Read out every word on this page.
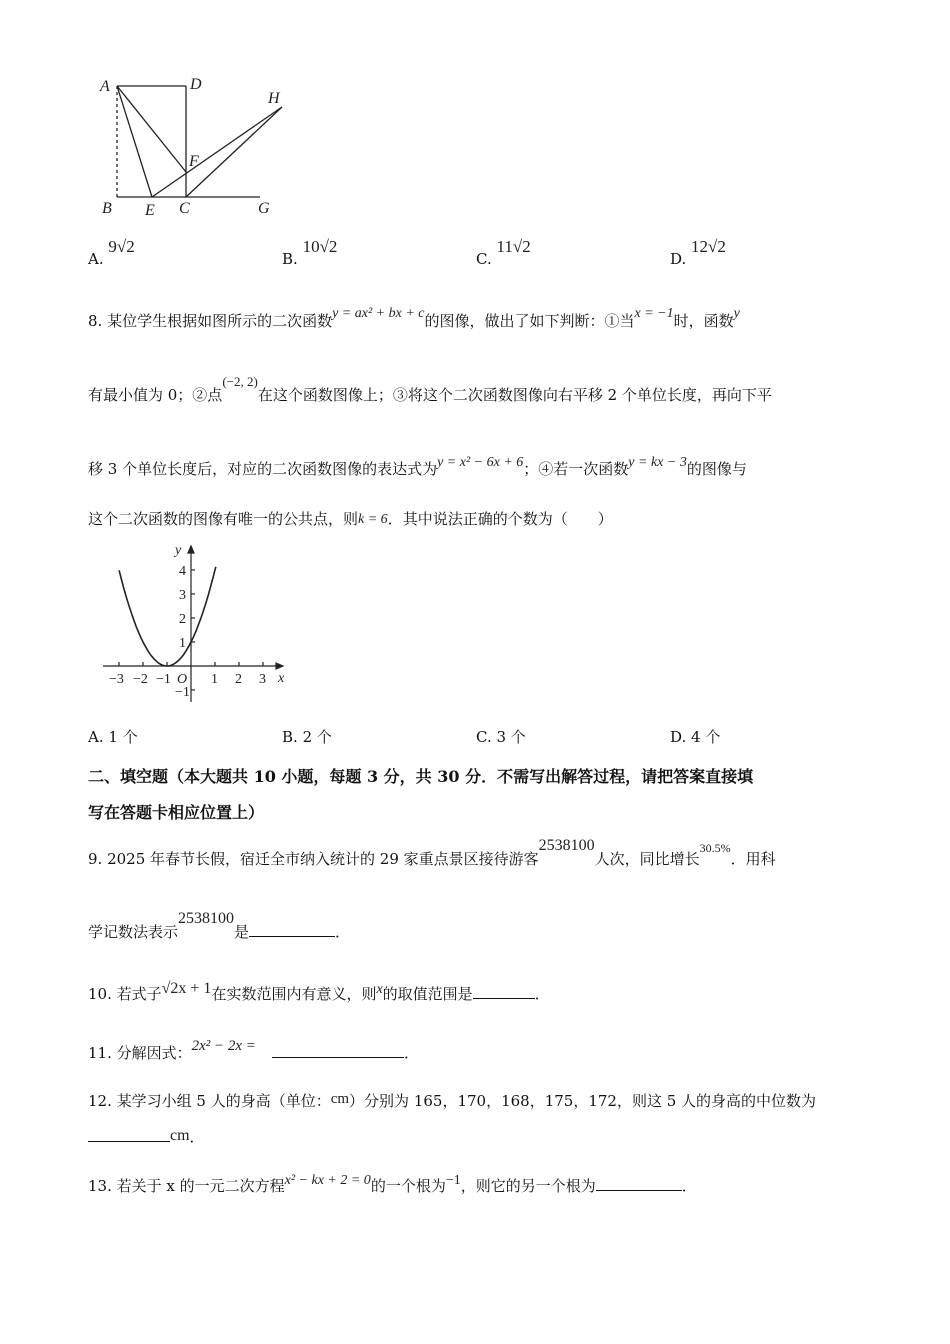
A	D
H
F
B E C	G
A. 9√2
B. 10√2
C. 11√2
D. 12√2
8. 某位学生根据如图所示的二次函数y = ax² + bx + c的图像，做出了如下判断：①当x = −1时，函数y
有最小值为 0；②点(−2, 2)在这个函数图像上；③将这个二次函数图像向右平移 2 个单位长度，再向下平
移 3 个单位长度后，对应的二次函数图像的表达式为y = x² − 6x + 6；④若一次函数y = kx − 3的图像与
这个二次函数的图像有唯一的公共点，则k = 6．其中说法正确的个数为（　　）
y
x
O
−3 −2 −1	1 2 3
4
3
2
1
−1
A. 1 个	B. 2 个	C. 3 个	D. 4 个
二、填空题（本大题共 10 小题，每题 3 分，共 30 分．不需写出解答过程，请把答案直接填
写在答题卡相应位置上）
9. 2025 年春节长假，宿迁全市纳入统计的 29 家重点景区接待游客2538100人次，同比增长$^{30.5\%}$．用科
学记数法表示2538100是	．
10. 若式子√2x + 1在实数范围内有意义，则x的取值范围是	．
11. 分解因式：2x² − 2x =	．
12. 某学习小组 5 人的身高（单位：cm）分别为 165，170，168，175，172，则这 5 人的身高的中位数为
cm．
13. 若关于 x 的一元二次方程x² − kx + 2 = 0的一个根为−1，则它的另一个根为	．
